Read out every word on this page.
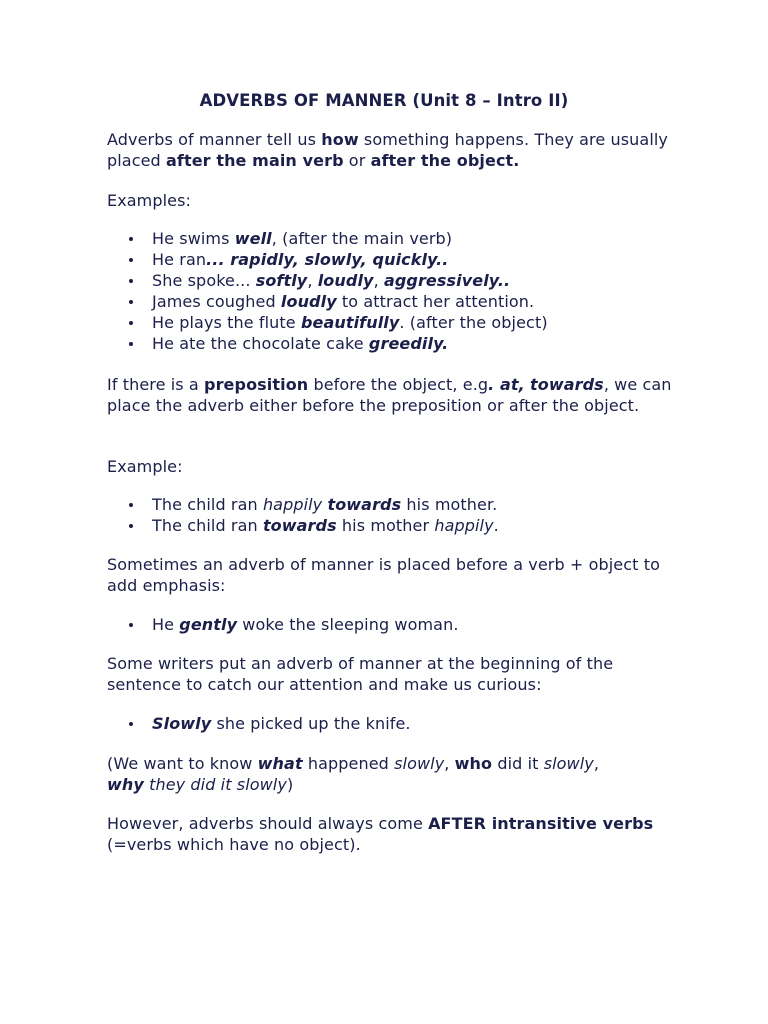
ADVERBS OF MANNER (Unit 8 – Intro II)

Adverbs of manner tell us how something happens. They are usually placed after the main verb or after the object.

Examples:

He swims well, (after the main verb)
He ran... rapidly, slowly, quickly..
She spoke... softly, loudly, aggressively..
James coughed loudly to attract her attention.
He plays the flute beautifully. (after the object)
He ate the chocolate cake greedily.

If there is a preposition before the object, e.g. at, towards, we can place the adverb either before the preposition or after the object.

Example:

The child ran happily towards his mother.
The child ran towards his mother happily.

Sometimes an adverb of manner is placed before a verb + object to add emphasis:

He gently woke the sleeping woman.

Some writers put an adverb of manner at the beginning of the sentence to catch our attention and make us curious:

Slowly she picked up the knife.

(We want to know what happened slowly, who did it slowly,
why they did it slowly)

However, adverbs should always come AFTER intransitive verbs (=verbs which have no object).
